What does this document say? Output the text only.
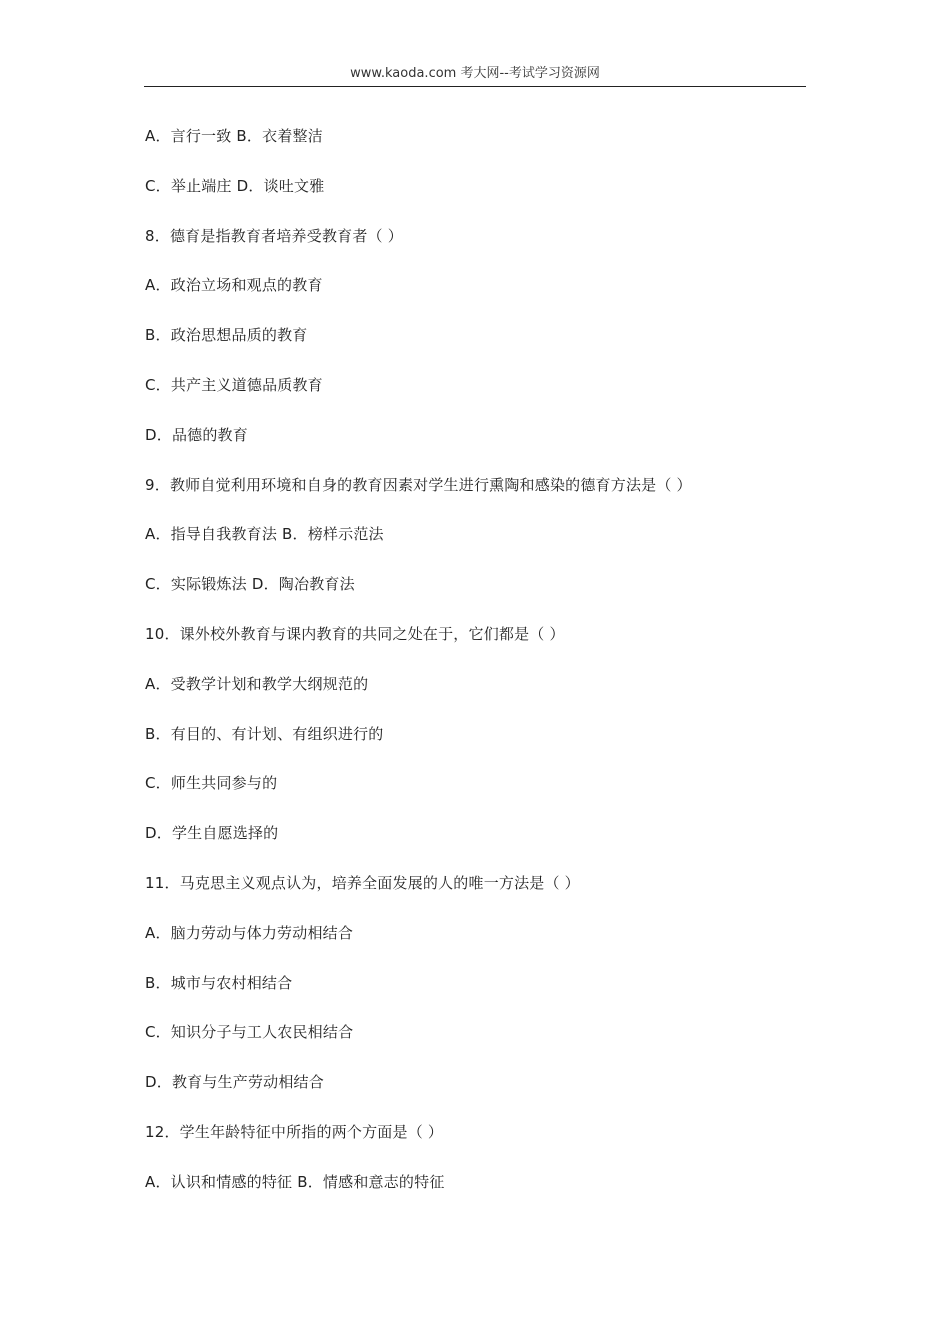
www.kaoda.com 考大网--考试学习资源网
A．言行一致 B．衣着整洁
C．举止端庄 D．谈吐文雅
8．德育是指教育者培养受教育者（ ）
A．政治立场和观点的教育
B．政治思想品质的教育
C．共产主义道德品质教育
D．品德的教育
9．教师自觉利用环境和自身的教育因素对学生进行熏陶和感染的德育方法是（ ）
A．指导自我教育法 B．榜样示范法
C．实际锻炼法 D．陶冶教育法
10．课外校外教育与课内教育的共同之处在于，它们都是（ ）
A．受教学计划和教学大纲规范的
B．有目的、有计划、有组织进行的
C．师生共同参与的
D．学生自愿选择的
11．马克思主义观点认为，培养全面发展的人的唯一方法是（ ）
A．脑力劳动与体力劳动相结合
B．城市与农村相结合
C．知识分子与工人农民相结合
D．教育与生产劳动相结合
12．学生年龄特征中所指的两个方面是（ ）
A．认识和情感的特征 B．情感和意志的特征
